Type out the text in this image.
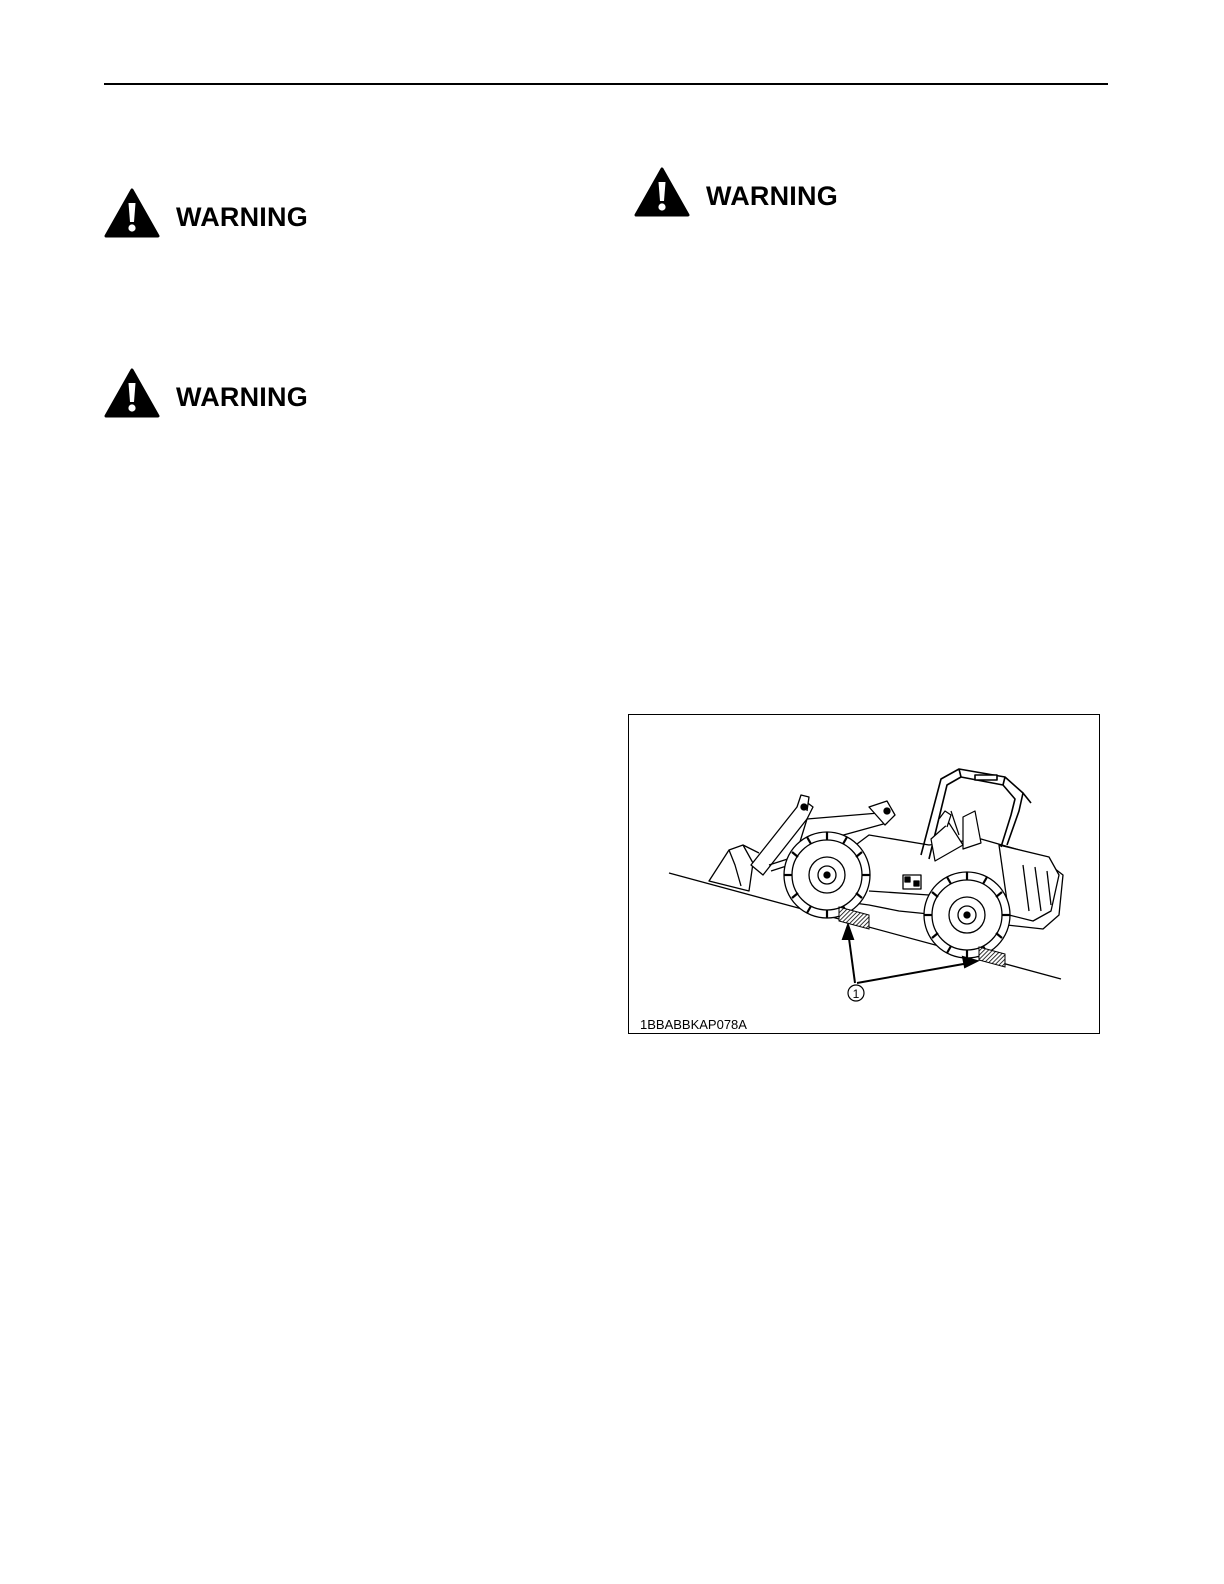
WARNING
WARNING
WARNING
1
1BBABBKAP078A
